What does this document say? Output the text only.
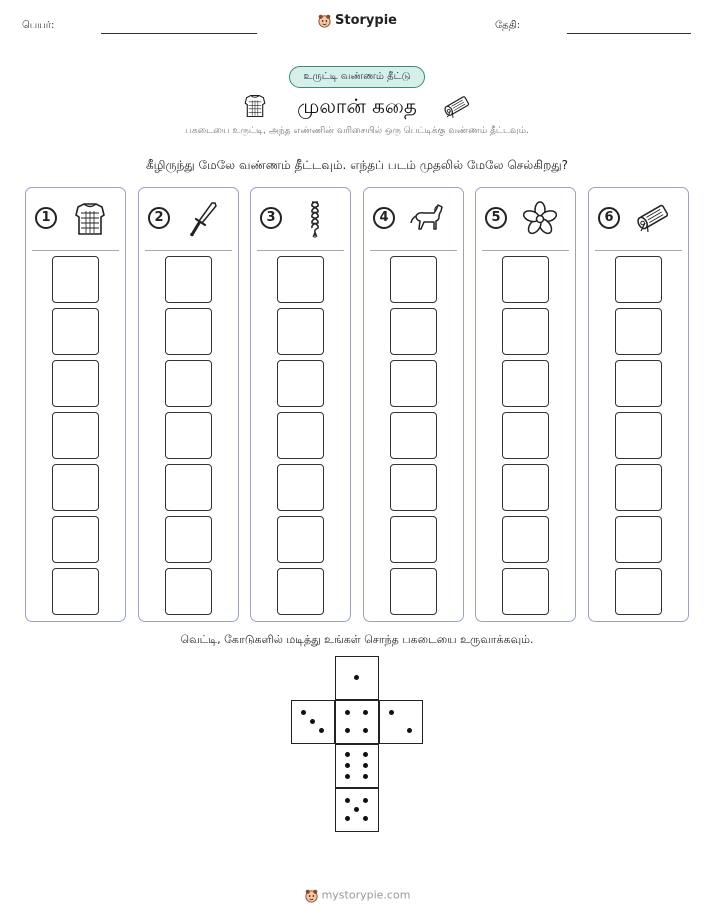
பெயர்:	Storypie	தேதி:
உருட்டி வண்ணம் தீட்டு
முலான் கதை
பகடையை உருட்டி, அந்த எண்ணின் வரிசையில் ஒரு பெட்டிக்கு வண்ணம் தீட்டவும்.
கீழிருந்து மேலே வண்ணம் தீட்டவும். எந்தப் படம் முதலில் மேலே செல்கிறது?
1	2	3	4	5	6
வெட்டி, கோடுகளில் மடித்து உங்கள் சொந்த பகடையை உருவாக்கவும்.
mystorypie.com
